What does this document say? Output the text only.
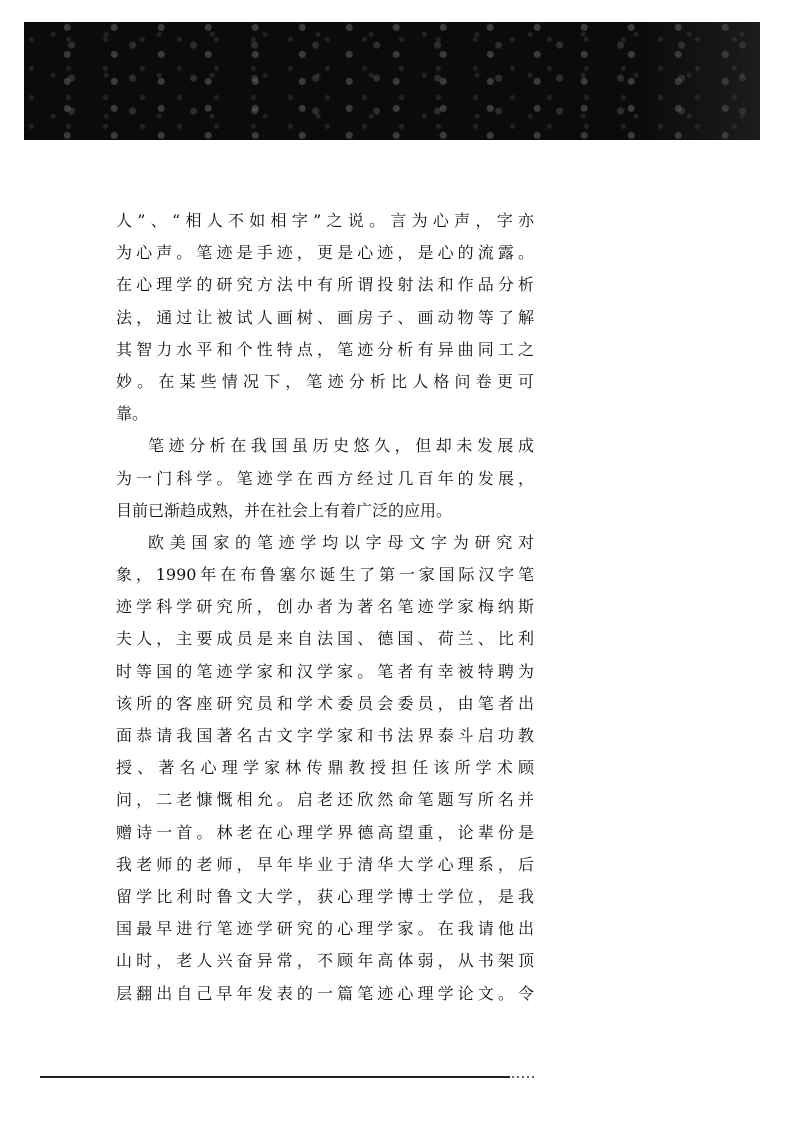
人”、“相人不如相字”之说。言为心声，字亦
为心声。笔迹是手迹，更是心迹，是心的流露。
在心理学的研究方法中有所谓投射法和作品分析
法，通过让被试人画树、画房子、画动物等了解
其智力水平和个性特点，笔迹分析有异曲同工之
妙。在某些情况下，笔迹分析比人格问卷更可
靠。
笔迹分析在我国虽历史悠久，但却未发展成
为一门科学。笔迹学在西方经过几百年的发展，
目前已渐趋成熟，并在社会上有着广泛的应用。
欧美国家的笔迹学均以字母文字为研究对
象，1990年在布鲁塞尔诞生了第一家国际汉字笔
迹学科学研究所，创办者为著名笔迹学家梅纳斯
夫人，主要成员是来自法国、德国、荷兰、比利
时等国的笔迹学家和汉学家。笔者有幸被特聘为
该所的客座研究员和学术委员会委员，由笔者出
面恭请我国著名古文字学家和书法界泰斗启功教
授、著名心理学家林传鼎教授担任该所学术顾
问，二老慷慨相允。启老还欣然命笔题写所名并
赠诗一首。林老在心理学界德高望重，论辈份是
我老师的老师，早年毕业于清华大学心理系，后
留学比利时鲁文大学，获心理学博士学位，是我
国最早进行笔迹学研究的心理学家。在我请他出
山时，老人兴奋异常，不顾年高体弱，从书架顶
层翻出自己早年发表的一篇笔迹心理学论文。令
